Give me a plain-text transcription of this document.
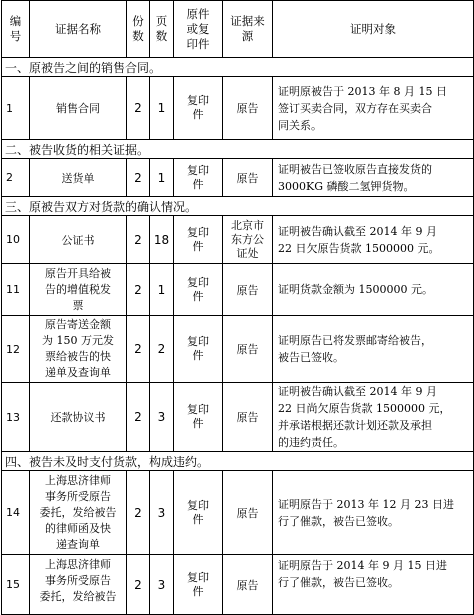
编
号	证据名称	份
数	页
数	原件
或复
印件	证据来
源	证明对象
一、原被告之间的销售合同。						
1	销售合同	2	1	复印
件	原告	证明原被告于 2013 年 8 月 15 日
签订买卖合同，双方存在买卖合
同关系。
二、被告收货的相关证据。						
2	送货单	2	1	复印
件	原告	证明被告已签收原告直接发货的
3000KG 磷酸二氢钾货物。
三、原被告双方对货款的确认情况。						
10	公证书	2	18	复印
件	北京市
东方公
证处	证明被告确认截至 2014 年 9 月
22 日欠原告货款 1500000 元。
11	原告开具给被
告的增值税发
票	2	1	复印
件	原告	证明货款金额为 1500000 元。
12	原告寄送金额
为 150 万元发
票给被告的快
递单及查询单	2	2	复印
件	原告	证明原告已将发票邮寄给被告，
被告已签收。
13	还款协议书	2	3	复印
件	原告	证明被告确认截至 2014 年 9 月
22 日尚欠原告货款 1500000 元，
并承诺根据还款计划还款及承担
的违约责任。
四、被告未及时支付货款，构成违约。						
14	上海思济律师
事务所受原告
委托，发给被告
的律师函及快
递查询单	2	3	复印
件	原告	证明原告于 2013 年 12 月 23 日进
行了催款，被告已签收。
15	上海思济律师
事务所受原告
委托，发给被告	2	3	复印
件	原告	证明原告于 2014 年 9 月 15 日进
行了催款，被告已签收。
